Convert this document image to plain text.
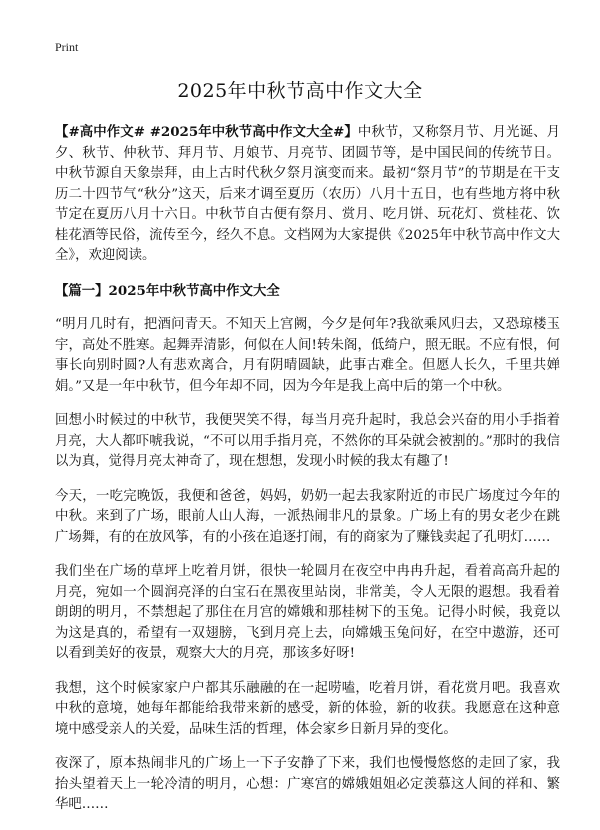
Print
2025年中秋节高中作文大全

【#高中作文# #2025年中秋节高中作文大全#】中秋节，又称祭月节、月光诞、月夕、秋节、仲秋节、拜月节、月娘节、月亮节、团圆节等，是中国民间的传统节日。中秋节源自天象崇拜，由上古时代秋夕祭月演变而来。最初“祭月节”的节期是在干支历二十四节气“秋分”这天，后来才调至夏历（农历）八月十五日，也有些地方将中秋节定在夏历八月十六日。中秋节自古便有祭月、赏月、吃月饼、玩花灯、赏桂花、饮桂花酒等民俗，流传至今，经久不息。文档网为大家提供《2025年中秋节高中作文大全》，欢迎阅读。

【篇一】2025年中秋节高中作文大全

“明月几时有，把酒问青天。不知天上宫阙，今夕是何年?我欲乘风归去，又恐琼楼玉宇，高处不胜寒。起舞弄清影，何似在人间!转朱阁，低绮户，照无眠。不应有恨，何事长向别时圆?人有悲欢离合，月有阴晴圆缺，此事古难全。但愿人长久，千里共婵娟。”又是一年中秋节，但今年却不同，因为今年是我上高中后的第一个中秋。

回想小时候过的中秋节，我便哭笑不得，每当月亮升起时，我总会兴奋的用小手指着月亮，大人都吓唬我说，“不可以用手指月亮，不然你的耳朵就会被割的。”那时的我信以为真，觉得月亮太神奇了，现在想想，发现小时候的我太有趣了!

今天，一吃完晚饭，我便和爸爸，妈妈，奶奶一起去我家附近的市民广场度过今年的中秋。来到了广场，眼前人山人海，一派热闹非凡的景象。广场上有的男女老少在跳广场舞，有的在放风筝，有的小孩在追逐打闹，有的商家为了赚钱卖起了孔明灯……

我们坐在广场的草坪上吃着月饼，很快一轮圆月在夜空中冉冉升起，看着高高升起的月亮，宛如一个圆润亮泽的白宝石在黑夜里站岗，非常美，令人无限的遐想。我看着朗朗的明月，不禁想起了那住在月宫的嫦娥和那桂树下的玉兔。记得小时候，我竟以为这是真的，希望有一双翅膀，飞到月亮上去，向嫦娥玉兔问好，在空中遨游，还可以看到美好的夜景，观察大大的月亮，那该多好呀!

我想，这个时候家家户户都其乐融融的在一起唠嗑，吃着月饼，看花赏月吧。我喜欢中秋的意境，她每年都能给我带来新的感受，新的体验，新的收获。我愿意在这种意境中感受亲人的关爱，品味生活的哲理，体会家乡日新月异的变化。

夜深了，原本热闹非凡的广场上一下子安静了下来，我们也慢慢悠悠的走回了家，我抬头望着天上一轮冷清的明月，心想：广寒宫的嫦娥姐姐必定羡慕这人间的祥和、繁华吧……
